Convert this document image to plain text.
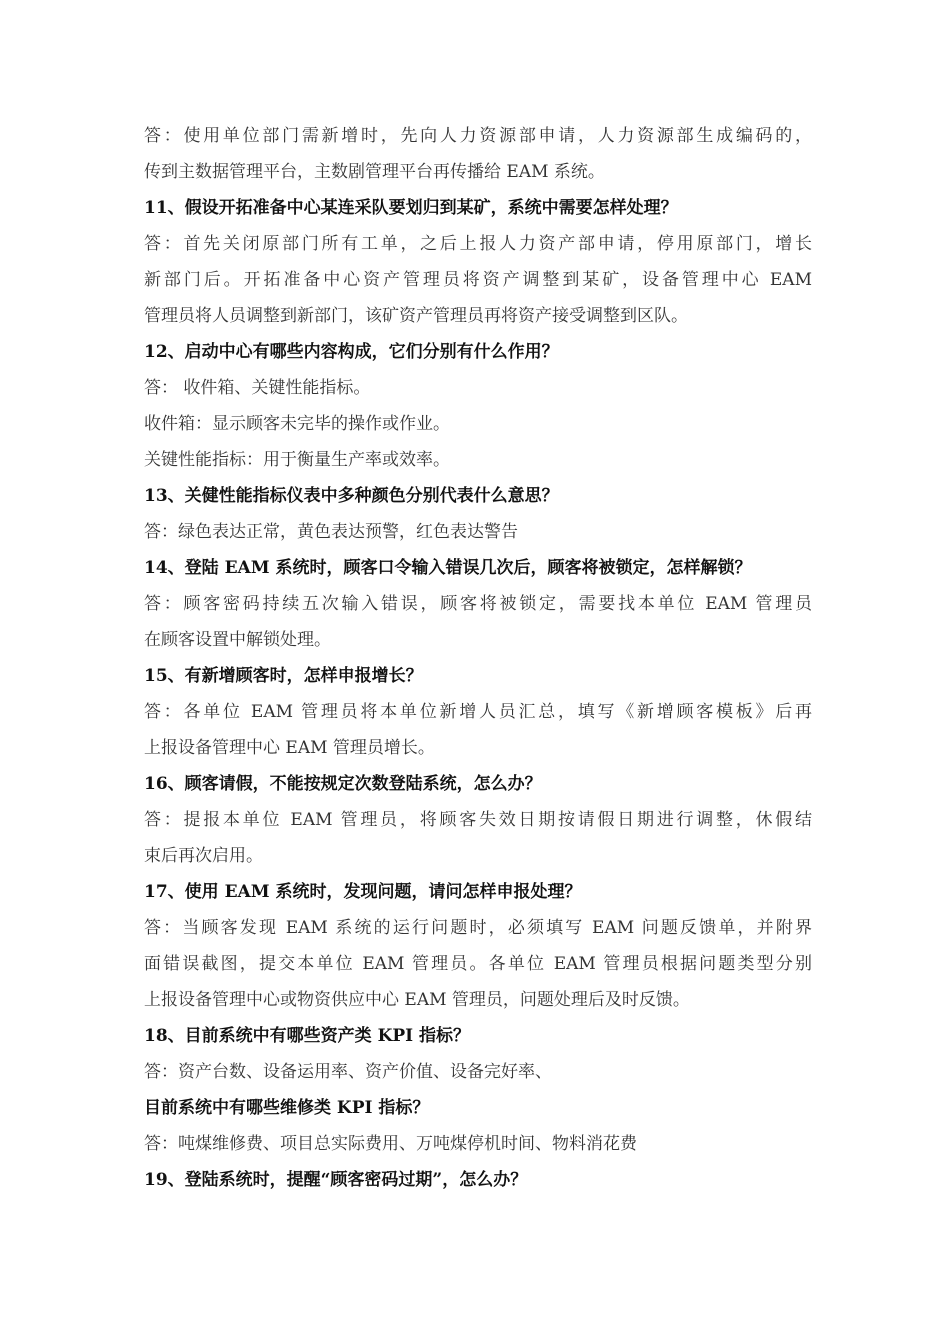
答：使用单位部门需新增时，先向人力资源部申请，人力资源部生成编码的，
传到主数据管理平台，主数剧管理平台再传播给 EAM 系统。
11、假设开拓准备中心某连采队要划归到某矿，系统中需要怎样处理？
答：首先关闭原部门所有工单，之后上报人力资产部申请，停用原部门，增长
新部门后。开拓准备中心资产管理员将资产调整到某矿，设备管理中心 EAM
管理员将人员调整到新部门，该矿资产管理员再将资产接受调整到区队。
12、启动中心有哪些内容构成，它们分别有什么作用？
答： 收件箱、关键性能指标。
收件箱：显示顾客未完毕的操作或作业。
关键性能指标：用于衡量生产率或效率。
13、关健性能指标仪表中多种颜色分别代表什么意思？
答：绿色表达正常，黄色表达预警，红色表达警告
14、登陆 EAM 系统时，顾客口令输入错误几次后，顾客将被锁定，怎样解锁？
答：顾客密码持续五次输入错误，顾客将被锁定，需要找本单位 EAM 管理员
在顾客设置中解锁处理。
15、有新增顾客时，怎样申报增长？
答：各单位 EAM 管理员将本单位新增人员汇总，填写《新增顾客模板》后再
上报设备管理中心 EAM 管理员增长。
16、顾客请假，不能按规定次数登陆系统，怎么办？
答：提报本单位 EAM 管理员，将顾客失效日期按请假日期进行调整，休假结
束后再次启用。
17、使用 EAM 系统时，发现问题，请问怎样申报处理？
答：当顾客发现 EAM 系统的运行问题时，必须填写 EAM 问题反馈单，并附界
面错误截图，提交本单位 EAM 管理员。各单位 EAM 管理员根据问题类型分别
上报设备管理中心或物资供应中心 EAM 管理员，问题处理后及时反馈。
18、目前系统中有哪些资产类 KPI 指标？
答：资产台数、设备运用率、资产价值、设备完好率、
目前系统中有哪些维修类 KPI 指标？
答：吨煤维修费、项目总实际费用、万吨煤停机时间、物料消花费
19、登陆系统时，提醒“顾客密码过期”，怎么办？
